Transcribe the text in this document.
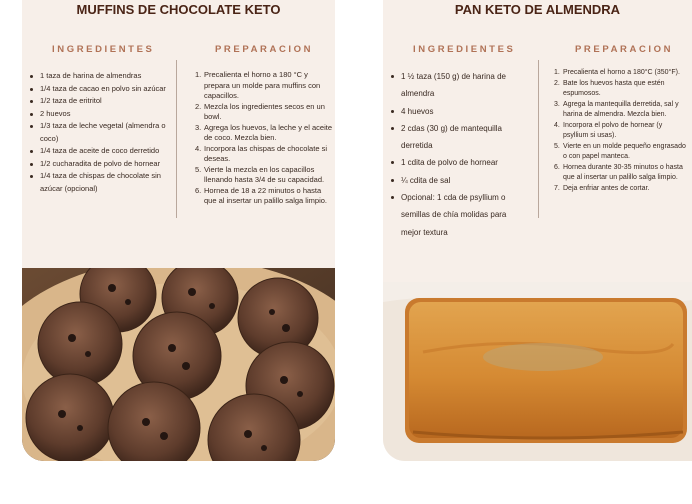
MUFFINS DE CHOCOLATE KETO
INGREDIENTES	PREPARACION
1 taza de harina de almendras
1/4 taza de cacao en polvo sin azúcar
1/2 taza de eritritol
2 huevos
1/3 taza de leche vegetal (almendra o coco)
1/4 taza de aceite de coco derretido
1/2 cucharadita de polvo de hornear
1/4 taza de chispas de chocolate sin azúcar (opcional)
1. Precalienta el horno a 180 °C y prepara un molde para muffins con capacillos.
2. Mezcla los ingredientes secos en un bowl.
3. Agrega los huevos, la leche y el aceite de coco. Mezcla bien.
4. Incorpora las chispas de chocolate si deseas.
5. Vierte la mezcla en los capacillos llenando hasta 3/4 de su capacidad.
6. Hornea de 18 a 22 minutos o hasta que al insertar un palillo salga limpio.
PAN KETO DE ALMENDRA
INGREDIENTES	PREPARACION
1 ½ taza (150 g) de harina de almendra
4 huevos
2 cdas (30 g) de mantequilla derretida
1 cdita de polvo de hornear
¼ cdita de sal
Opcional: 1 cda de psyllium o semillas de chía molidas para mejor textura
1. Precalienta el horno a 180°C (350°F).
2. Bate los huevos hasta que estén espumosos.
3. Agrega la mantequilla derretida, sal y harina de almendra. Mezcla bien.
4. Incorpora el polvo de hornear (y psyllium si usas).
5. Vierte en un molde pequeño engrasado o con papel manteca.
6. Hornea durante 30-35 minutos o hasta que al insertar un palillo salga limpio.
7. Deja enfriar antes de cortar.
